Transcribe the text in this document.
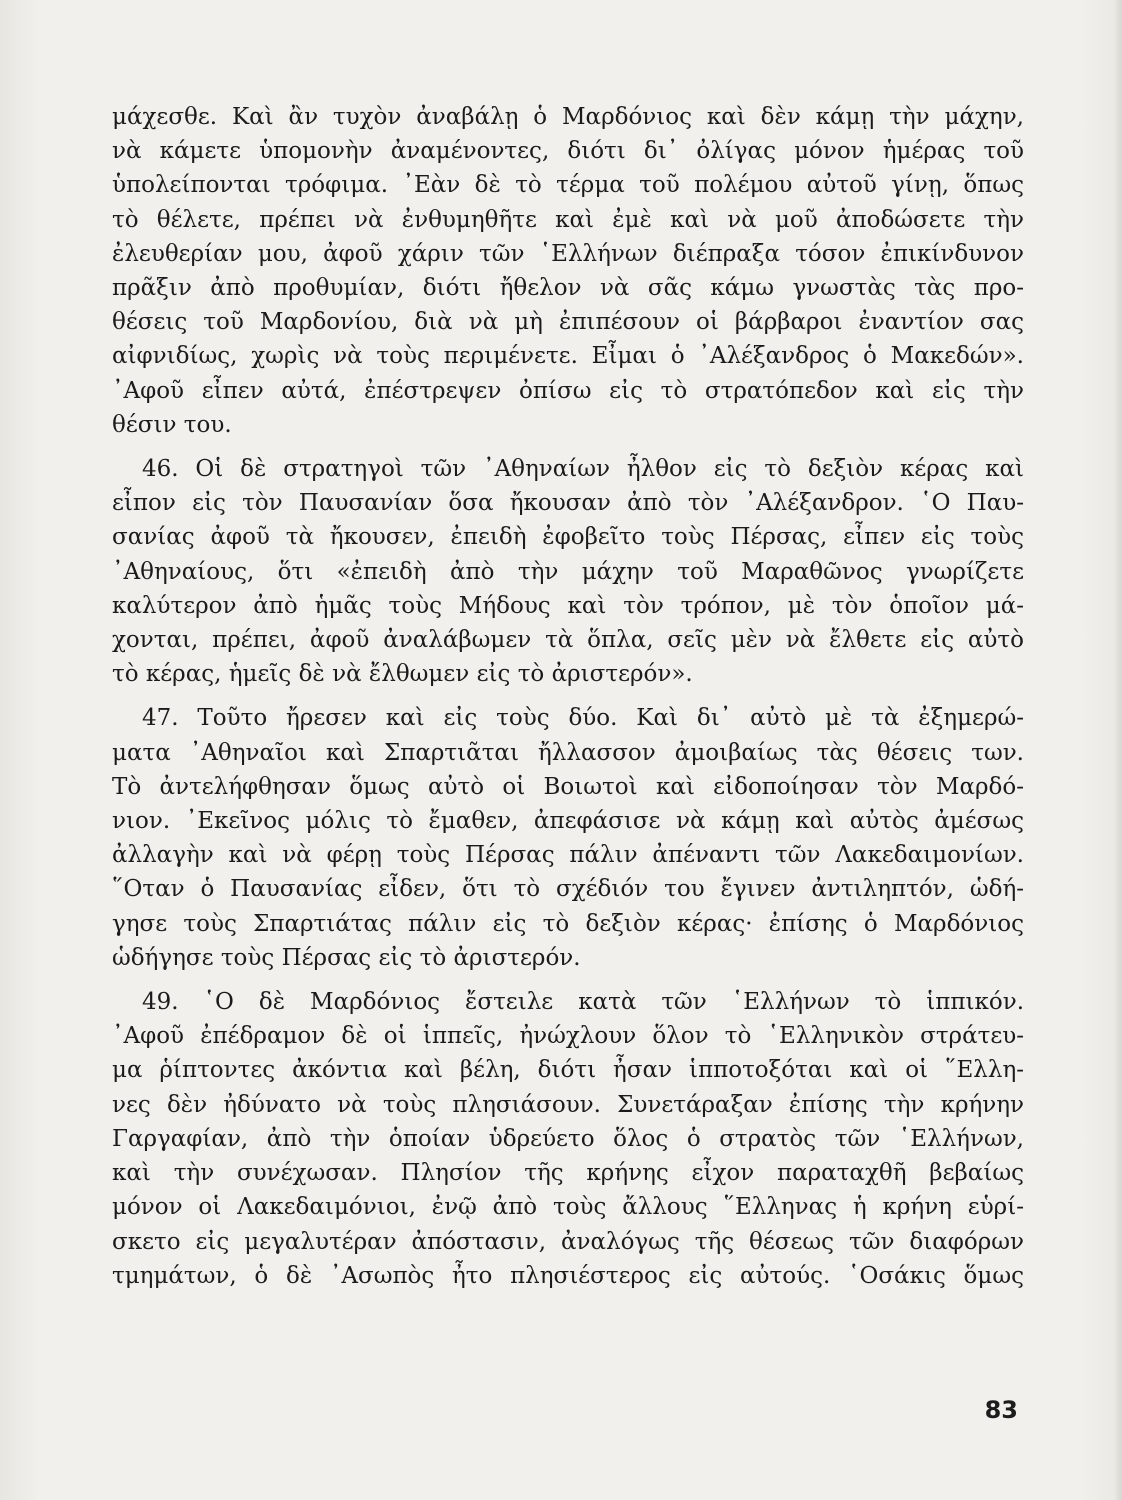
μάχεσθε. Καὶ ἂν τυχὸν ἀναβάλῃ ὁ Μαρδόνιος καὶ δὲν κάμῃ τὴν μάχην,
νὰ κάμετε ὑπομονὴν ἀναμένοντες, διότι δι᾽ ὀλίγας μόνον ἡμέρας τοῦ
ὑπολείπονται τρόφιμα. ᾽Εὰν δὲ τὸ τέρμα τοῦ πολέμου αὐτοῦ γίνῃ, ὅπως
τὸ θέλετε, πρέπει νὰ ἐνθυμηθῆτε καὶ ἐμὲ καὶ νὰ μοῦ ἀποδώσετε τὴν
ἐλευθερίαν μου, ἀφοῦ χάριν τῶν ῾Ελλήνων διέπραξα τόσον ἐπικίνδυνον
πρᾶξιν ἀπὸ προθυμίαν, διότι ἤθελον νὰ σᾶς κάμω γνωστὰς τὰς προ-
θέσεις τοῦ Μαρδονίου, διὰ νὰ μὴ ἐπιπέσουν οἱ βάρβαροι ἐναντίον σας
αἰφνιδίως, χωρὶς νὰ τοὺς περιμένετε. Εἶμαι ὁ ᾽Αλέξανδρος ὁ Μακεδών».
᾽Αφοῦ εἶπεν αὐτά, ἐπέστρεψεν ὀπίσω εἰς τὸ στρατόπεδον καὶ εἰς τὴν
θέσιν του.

46. Οἱ δὲ στρατηγοὶ τῶν ᾽Αθηναίων ἦλθον εἰς τὸ δεξιὸν κέρας καὶ
εἶπον εἰς τὸν Παυσανίαν ὅσα ἤκουσαν ἀπὸ τὸν ᾽Αλέξανδρον. ῾Ο Παυ-
σανίας ἀφοῦ τὰ ἤκουσεν, ἐπειδὴ ἐφοβεῖτο τοὺς Πέρσας, εἶπεν εἰς τοὺς
᾽Αθηναίους, ὅτι «ἐπειδὴ ἀπὸ τὴν μάχην τοῦ Μαραθῶνος γνωρίζετε
καλύτερον ἀπὸ ἡμᾶς τοὺς Μήδους καὶ τὸν τρόπον, μὲ τὸν ὁποῖον μά-
χονται, πρέπει, ἀφοῦ ἀναλάβωμεν τὰ ὅπλα, σεῖς μὲν νὰ ἔλθετε εἰς αὐτὸ
τὸ κέρας, ἡμεῖς δὲ νὰ ἔλθωμεν εἰς τὸ ἀριστερόν».

47. Τοῦτο ἤρεσεν καὶ εἰς τοὺς δύο. Καὶ δι᾽ αὐτὸ μὲ τὰ ἐξημερώ-
ματα ᾽Αθηναῖοι καὶ Σπαρτιᾶται ἤλλασσον ἀμοιβαίως τὰς θέσεις των.
Τὸ ἀντελήφθησαν ὅμως αὐτὸ οἱ Βοιωτοὶ καὶ εἰδοποίησαν τὸν Μαρδό-
νιον. ᾽Εκεῖνος μόλις τὸ ἔμαθεν, ἀπεφάσισε νὰ κάμῃ καὶ αὐτὸς ἀμέσως
ἀλλαγὴν καὶ νὰ φέρῃ τοὺς Πέρσας πάλιν ἀπέναντι τῶν Λακεδαιμονίων.
῞Οταν ὁ Παυσανίας εἶδεν, ὅτι τὸ σχέδιόν του ἔγινεν ἀντιληπτόν, ὡδή-
γησε τοὺς Σπαρτιάτας πάλιν εἰς τὸ δεξιὸν κέρας· ἐπίσης ὁ Μαρδόνιος
ὡδήγησε τοὺς Πέρσας εἰς τὸ ἀριστερόν.

49. ῾Ο δὲ Μαρδόνιος ἔστειλε κατὰ τῶν ῾Ελλήνων τὸ ἱππικόν.
᾽Αφοῦ ἐπέδραμον δὲ οἱ ἱππεῖς, ἠνώχλουν ὅλον τὸ ῾Ελληνικὸν στράτευ-
μα ῥίπτοντες ἀκόντια καὶ βέλη, διότι ἦσαν ἱπποτοξόται καὶ οἱ ῞Ελλη-
νες δὲν ἠδύνατο νὰ τοὺς πλησιάσουν. Συνετάραξαν ἐπίσης τὴν κρήνην
Γαργαφίαν, ἀπὸ τὴν ὁποίαν ὑδρεύετο ὅλος ὁ στρατὸς τῶν ῾Ελλήνων,
καὶ τὴν συνέχωσαν. Πλησίον τῆς κρήνης εἶχον παραταχθῆ βεβαίως
μόνον οἱ Λακεδαιμόνιοι, ἐνῷ ἀπὸ τοὺς ἄλλους ῞Ελληνας ἡ κρήνη εὑρί-
σκετο εἰς μεγαλυτέραν ἀπόστασιν, ἀναλόγως τῆς θέσεως τῶν διαφόρων
τμημάτων, ὁ δὲ ᾽Ασωπὸς ἦτο πλησιέστερος εἰς αὐτούς. ῾Οσάκις ὅμως

83
